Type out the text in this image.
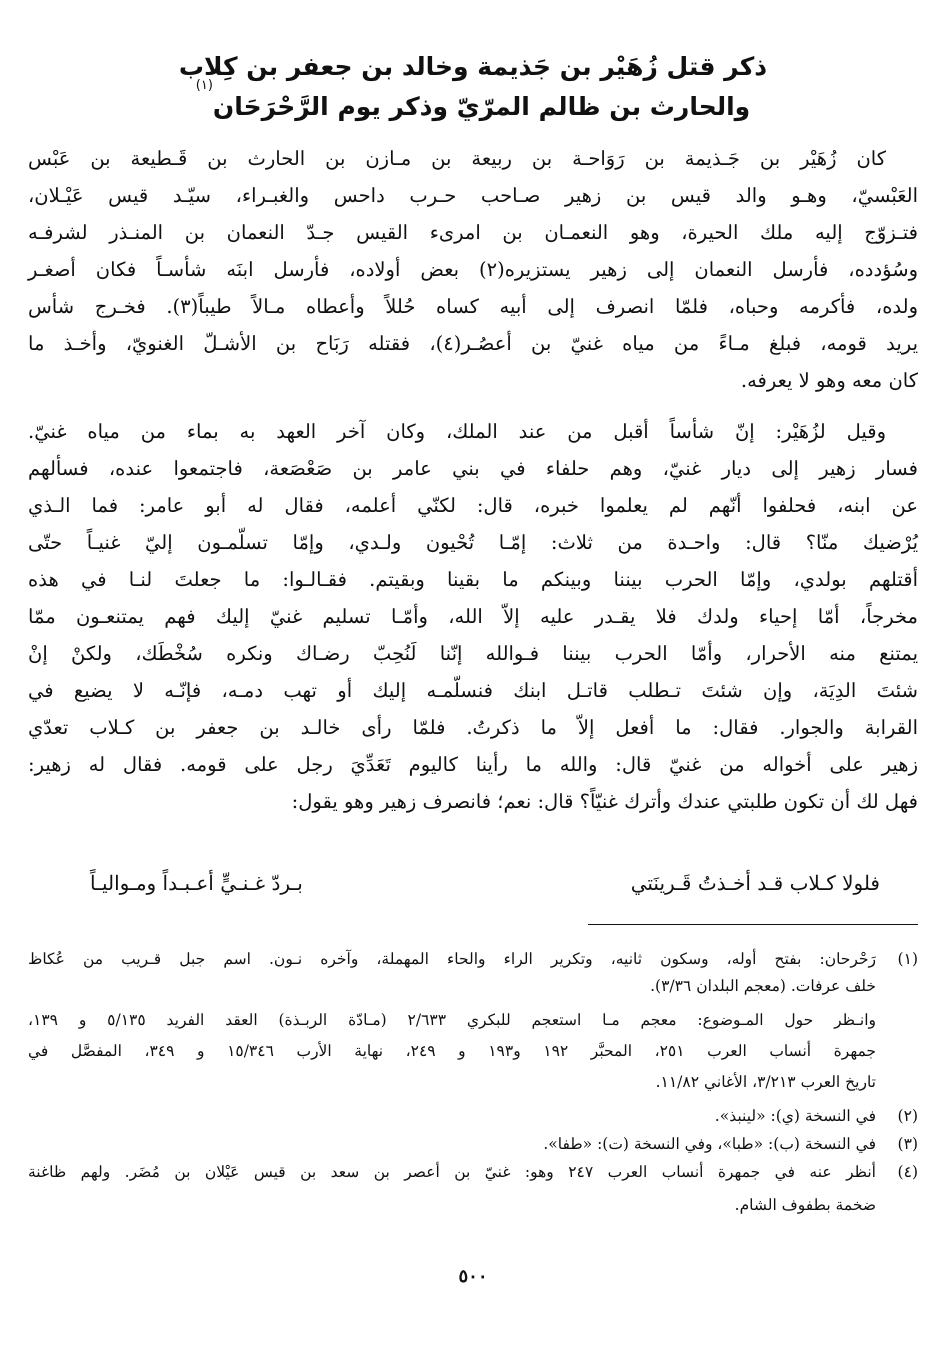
ذكر قتل زُهَيْر بن جَذيمة وخالد بن جعفر بن كِلاب
والحارث بن ظالم المرّيّ وذكر يوم الرَّحْرَحَان$^{(١)}$
كان زُهَيْر بن جَـذيمة بن رَوَاحـة بن ربيعة بن مـازن بن الحارث بن قَـطيعة بن عَبْس
العَبْسيّ، وهـو والد قيس بن زهير صـاحب حـرب داحس والغبـراء، سيّـد قيس عَيْـلان،
فتـزوّج إليه ملك الحيرة، وهو النعمـان بن امرىء القيس جـدّ النعمان بن المنـذر لشرفـه
وسُؤدده، فأرسل النعمان إلى زهير يستزيره(٢) بعض أولاده، فأرسل ابنَه شأسـاً فكان أصغـر
ولده، فأكرمه وحباه، فلمّا انصرف إلى أبيه كساه حُللاً وأعطاه مـالاً طيباً(٣). فخـرج شأس
يريد قومه، فبلغ مـاءً من مياه غنيّ بن أعصُـر(٤)، فقتله رَبَاح بن الأشـلّ الغنويّ، وأخـذ ما
كان معه وهو لا يعرفه.
وقيل لزُهَيْر: إنّ شأساً أقبل من عند الملك، وكان آخر العهد به بماء من مياه غنيّ.
فسار زهير إلى ديار غنيّ، وهم حلفاء في بني عامر بن صَعْصَعة، فاجتمعوا عنده، فسألهم
عن ابنه، فحلفوا أنّهم لم يعلموا خبره، قال: لكنّي أعلمه، فقال له أبو عامر: فما الـذي
يُرْضيك منّا؟ قال: واحـدة من ثلاث: إمّـا تُحْيون ولـدي، وإمّا تسلّمـون إليّ غنيـاً حتّى
أقتلهم بولدي، وإمّا الحرب بيننا وبينكم ما بقينا وبقيتم. فقـالـوا: ما جعلتَ لنـا في هذه
مخرجاً، أمّا إحياء ولدك فلا يقـدر عليه إلاّ الله، وأمّـا تسليم غنيّ إليك فهم يمتنعـون ممّا
يمتنع منه الأحرار، وأمّا الحرب بيننا فـوالله إنّنا لَنُحِبّ رضـاك ونكره سُخْطَك، ولكنْ إنْ
شئتَ الدِيَة، وإن شئتَ تـطلب قاتـل ابنك فنسلّمـه إليك أو تهب دمـه، فإنّـه لا يضيع في
القرابة والجوار. فقال: ما أفعل إلاّ ما ذكرتُ. فلمّا رأى خالـد بن جعفر بن كـلاب تعدّي
زهير على أخواله من غنيّ قال: والله ما رأينا كاليوم تَعَدِّيَ رجل على قومه. فقال له زهير:
فهل لك أن تكون طلبتي عندك وأترك غنيّاً؟ قال: نعم؛ فانصرف زهير وهو يقول:
فلولا كـلاب قـد أخـذتُ قَـرينَتي
بـردّ غـنـيٍّ أعـبـداً ومـواليـاً
(١)
رَحْرحان: بفتح أوله، وسكون ثانيه، وتكرير الراء والحاء المهملة، وآخره نـون. اسم جبل قـريب من عُكاظ
خلف عرفات. (معجم البلدان ٣/٣٦).
وانـظر حول المـوضوع: معجم مـا استعجم للبكري ٢/٦٣٣ (مـادّة الربـذة) العقد الفريد ٥/١٣٥ و ١٣٩،
جمهرة أنساب العرب ٢٥١، المحبَّر ١٩٢ و١٩٣ و ٢٤٩، نهاية الأرب ١٥/٣٤٦ و ٣٤٩، المفصَّل في
تاريخ العرب ٣/٢١٣، الأغاني ١١/٨٢.
(٢)
في النسخة (ي): «لينبذ».
(٣)
في النسخة (ب): «طبا»، وفي النسخة (ت): «طفا».
(٤)
أنظر عنه في جمهرة أنساب العرب ٢٤٧ وهو: غنيّ بن أعصر بن سعد بن قيس عَيْلان بن مُضَر. ولهم ظاغنة
ضخمة بطفوف الشام.
٥٠٠
